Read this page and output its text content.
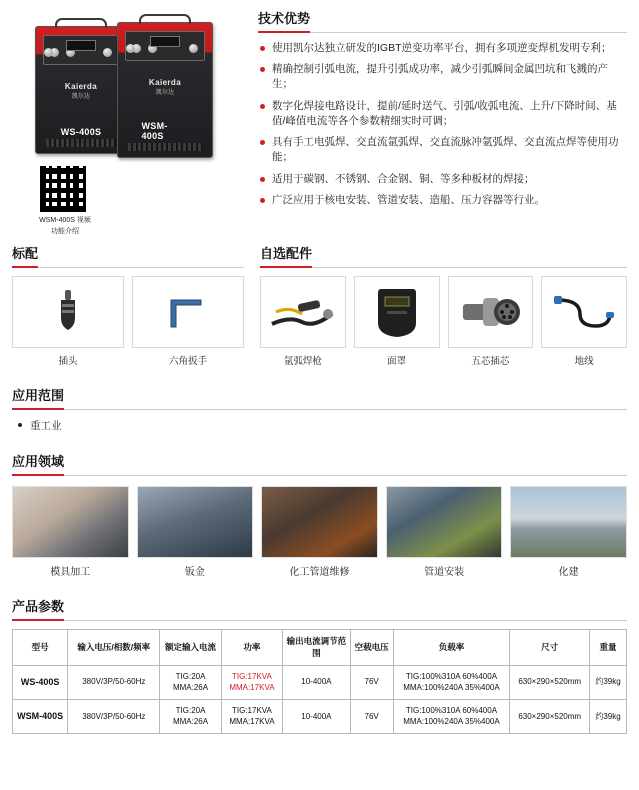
Kaierda
凯尔达
WS-400S
Kaierda
凯尔达
WSM-400S
WSM-400S 视频功能介绍
技术优势
使用凯尔达独立研发的IGBT逆变功率平台，拥有多项逆变焊机发明专利；
精确控制引弧电流，提升引弧成功率，减少引弧瞬间金属凹坑和飞溅的产生；
数字化焊接电路设计，提前/延时送气、引弧/收弧电流、上升/下降时间、基值/峰值电流等各个参数精细实时可调；
具有手工电弧焊、交直流氩弧焊、交直流脉冲氩弧焊、交直流点焊等使用功能；
适用于碳钢、不锈钢、合金钢、铜、等多种板材的焊接；
广泛应用于核电安装、管道安装、造船、压力容器等行业。
标配
插头	六角扳手
自选配件
氩弧焊枪	面罩	五芯插芯	地线
应用范围
重工业
应用领域
模具加工	钣金	化工管道维修	管道安装	化建
产品参数
型号	输入电压/相数/频率	额定输入电流	功率	输出电流调节范围	空载电压	负载率	尺寸	重量
WS-400S	380V/3P/50-60Hz	TIG:20A
MMA:26A	TIG:17KVA
MMA:17KVA	10-400A	76V	TIG:100%310A 60%400A
MMA:100%240A 35%400A	630×290×520mm	约39kg
WSM-400S	380V/3P/50-60Hz	TIG:20A
MMA:26A	TIG:17KVA
MMA:17KVA	10-400A	76V	TIG:100%310A 60%400A
MMA:100%240A 35%400A	630×290×520mm	约39kg
